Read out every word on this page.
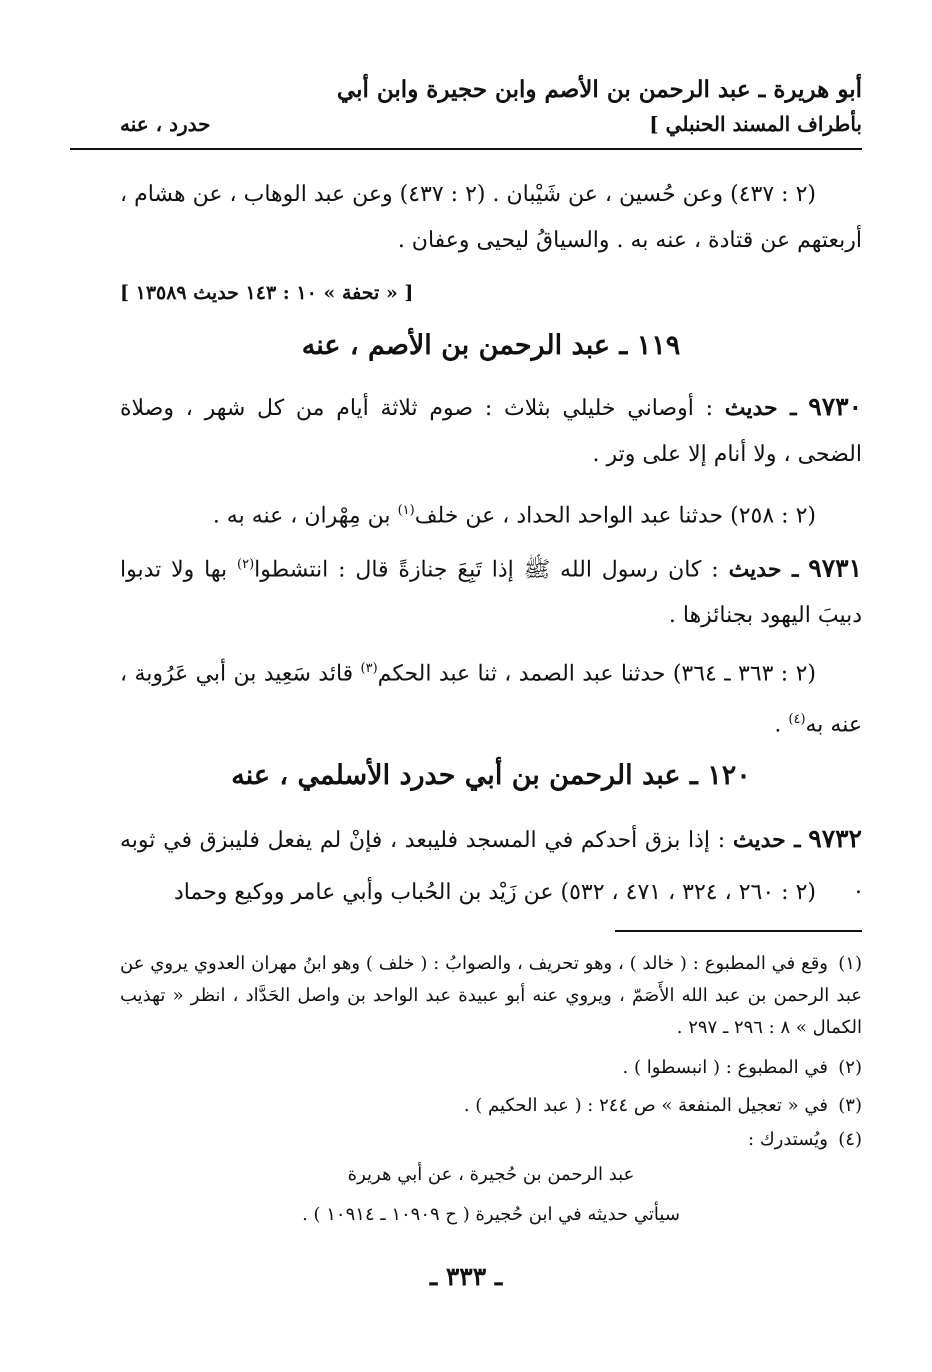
أبو هريرة ـ عبد الرحمن بن الأصم وابن حجيرة وابن أبي
بأطراف المسند الحنبلي ]
حدرد ، عنه
(٢ : ٤٣٧) وعن حُسين ، عن شَيْبان . (٢ : ٤٣٧) وعن عبد الوهاب ، عن هشام ، أربعتهم عن قتادة ، عنه به . والسياقُ ليحيى وعفان .
[ « تحفة » ١٠ : ١٤٣ حديث ١٣٥٨٩ ]
١١٩ ـ عبد الرحمن بن الأصم ، عنه
٩٧٣٠ ـ حديث : أوصاني خليلي بثلاث : صوم ثلاثة أيام من كل شهر ، وصلاة الضحى ، ولا أنام إلا على وتر .
(٢ : ٢٥٨) حدثنا عبد الواحد الحداد ، عن خلف$^{(١)}$ بن مِهْران ، عنه به .
٩٧٣١ ـ حديث : كان رسول الله ﷺ إذا تَبِعَ جنازةً قال : انتشطوا$^{(٢)}$ بها ولا تدبوا دبيبَ اليهود بجنائزها .
(٢ : ٣٦٣ ـ ٣٦٤) حدثنا عبد الصمد ، ثنا عبد الحكم$^{(٣)}$ قائد سَعِيد بن أبي عَرُوبة ، عنه به$^{(٤)}$ .
١٢٠ ـ عبد الرحمن بن أبي حدرد الأسلمي ، عنه
٩٧٣٢ ـ حديث : إذا بزق أحدكم في المسجد فليبعد ، فإنْ لم يفعل فليبزق في ثوبه .
(٢ : ٢٦٠ ، ٣٢٤ ، ٤٧١ ، ٥٣٢) عن زَيْد بن الحُباب وأبي عامر ووكيع وحماد
(١)وقع في المطبوع : ( خالد ) ، وهو تحريف ، والصوابُ : ( خلف ) وهو ابنُ مهران العدوي يروي عن عبد الرحمن بن عبد الله الأَصَمّ ، ويروي عنه أبو عبيدة عبد الواحد بن واصل الحَدَّاد ، انظر « تهذيب الكمال » ٨ : ٢٩٦ ـ ٢٩٧ .
(٢)في المطبوع : ( انبسطوا ) .
(٣)في « تعجيل المنفعة » ص ٢٤٤ : ( عبد الحكيم ) .
(٤)ويُستدرك :
عبد الرحمن بن حُجيرة ، عن أبي هريرة
سيأتي حديثه في ابن حُجيرة ( ح ١٠٩٠٩ ـ ١٠٩١٤ ) .
ـ ٣٣٣ ـ
